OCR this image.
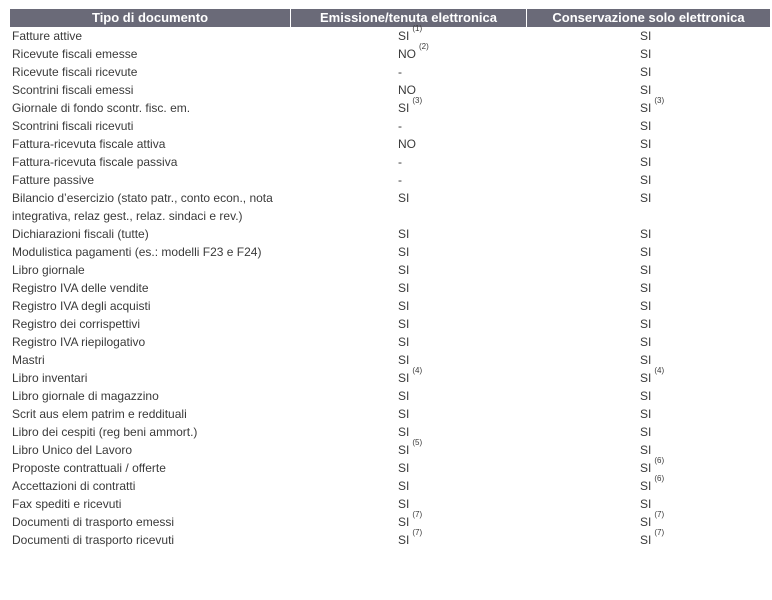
Tipo di documento	Emissione/tenuta elettronica	Conservazione solo elettronica
Fatture attive	SI$^{(1)}$	SI
Ricevute fiscali emesse	NO$^{(2)}$	SI
Ricevute fiscali ricevute	-	SI
Scontrini fiscali emessi	NO	SI
Giornale di fondo scontr. fisc. em.	SI$^{(3)}$	SI$^{(3)}$
Scontrini fiscali ricevuti	-	SI
Fattura-ricevuta fiscale attiva	NO	SI
Fattura-ricevuta fiscale passiva	-	SI
Fatture passive	-	SI
Bilancio d’esercizio (stato patr., conto econ., nota integrativa, relaz gest., relaz. sindaci e rev.)	SI	SI
Dichiarazioni fiscali (tutte)	SI	SI
Modulistica pagamenti (es.: modelli F23 e F24)	SI	SI
Libro giornale	SI	SI
Registro IVA delle vendite	SI	SI
Registro IVA degli acquisti	SI	SI
Registro dei corrispettivi	SI	SI
Registro IVA riepilogativo	SI	SI
Mastri	SI	SI
Libro inventari	SI$^{(4)}$	SI$^{(4)}$
Libro giornale di magazzino	SI	SI
Scrit aus elem patrim e reddituali	SI	SI
Libro dei cespiti (reg beni ammort.)	SI	SI
Libro Unico del Lavoro	SI$^{(5)}$	SI
Proposte contrattuali / offerte	SI	SI$^{(6)}$
Accettazioni di contratti	SI	SI$^{(6)}$
Fax spediti e ricevuti	SI	SI
Documenti di trasporto emessi	SI$^{(7)}$	SI$^{(7)}$
Documenti di trasporto ricevuti	SI$^{(7)}$	SI$^{(7)}$
